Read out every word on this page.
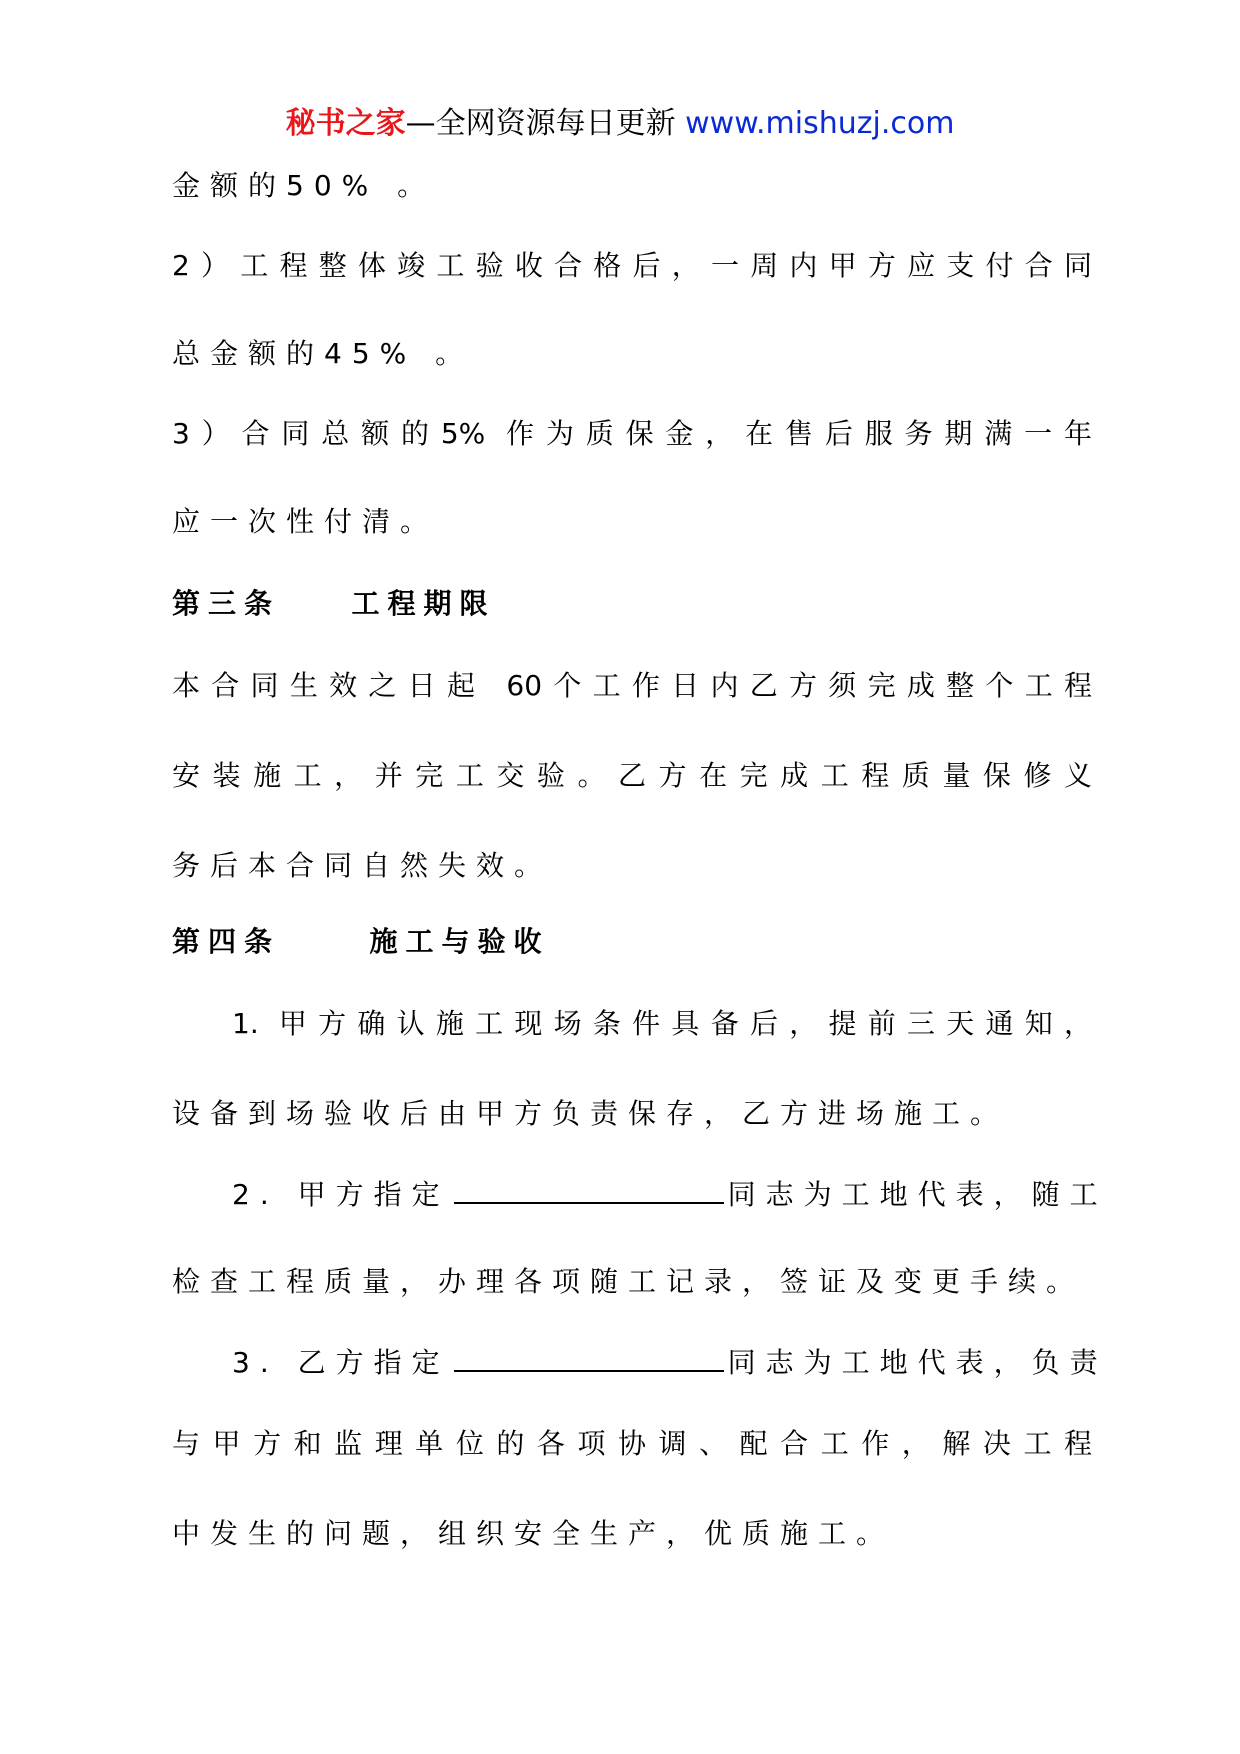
秘书之家—全网资源每日更新 www.mishuzj.com
金额的50% 。
2）工程整体竣工验收合格后，一周内甲方应支付合同
总金额的45% 。
3）合同总额的5% 作为质保金，在售后服务期满一年
应一次性付清。
第三条	工程期限
本合同生效之日起 60个工作日内乙方须完成整个工程
安装施工，并完工交验。乙方在完成工程质量保修义
务后本合同自然失效。
第四条	施工与验收
1. 甲方确认施工现场条件具备后，提前三天通知，
设备到场验收后由甲方负责保存，乙方进场施工。
2. 甲方指定	同志为工地代表，随工
检查工程质量，办理各项随工记录，签证及变更手续。
3. 乙方指定	同志为工地代表，负责
与甲方和监理单位的各项协调、配合工作，解决工程
中发生的问题，组织安全生产，优质施工。
